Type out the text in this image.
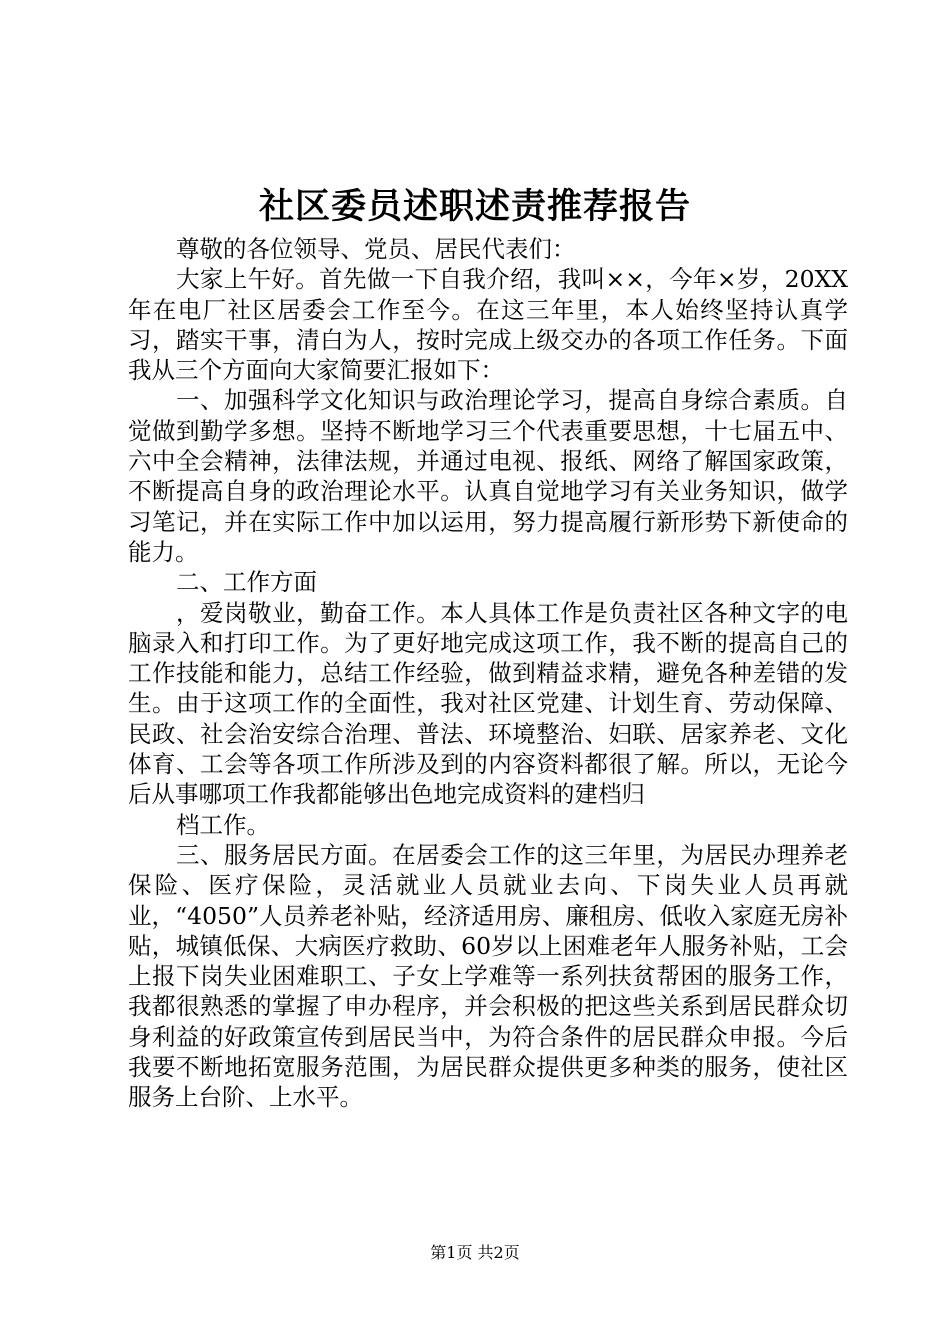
社区委员述职述责推荐报告

尊敬的各位领导、党员、居民代表们：

大家上午好。首先做一下自我介绍，我叫××，今年×岁，20XX年在电厂社区居委会工作至今。在这三年里，本人始终坚持认真学习，踏实干事，清白为人，按时完成上级交办的各项工作任务。下面我从三个方面向大家简要汇报如下：

一、加强科学文化知识与政治理论学习，提高自身综合素质。自觉做到勤学多想。坚持不断地学习三个代表重要思想，十七届五中、六中全会精神，法律法规，并通过电视、报纸、网络了解国家政策，不断提高自身的政治理论水平。认真自觉地学习有关业务知识，做学习笔记，并在实际工作中加以运用，努力提高履行新形势下新使命的能力。

二、工作方面

，爱岗敬业，勤奋工作。本人具体工作是负责社区各种文字的电脑录入和打印工作。为了更好地完成这项工作，我不断的提高自己的工作技能和能力，总结工作经验，做到精益求精，避免各种差错的发生。由于这项工作的全面性，我对社区党建、计划生育、劳动保障、民政、社会治安综合治理、普法、环境整治、妇联、居家养老、文化体育、工会等各项工作所涉及到的内容资料都很了解。所以，无论今后从事哪项工作我都能够出色地完成资料的建档归

档工作。

三、服务居民方面。在居委会工作的这三年里，为居民办理养老保险、医疗保险，灵活就业人员就业去向、下岗失业人员再就业，“4050”人员养老补贴，经济适用房、廉租房、低收入家庭无房补贴，城镇低保、大病医疗救助、60岁以上困难老年人服务补贴，工会上报下岗失业困难职工、子女上学难等一系列扶贫帮困的服务工作，我都很熟悉的掌握了申办程序，并会积极的把这些关系到居民群众切身利益的好政策宣传到居民当中，为符合条件的居民群众申报。今后我要不断地拓宽服务范围，为居民群众提供更多种类的服务，使社区服务上台阶、上水平。

第1页 共2页
